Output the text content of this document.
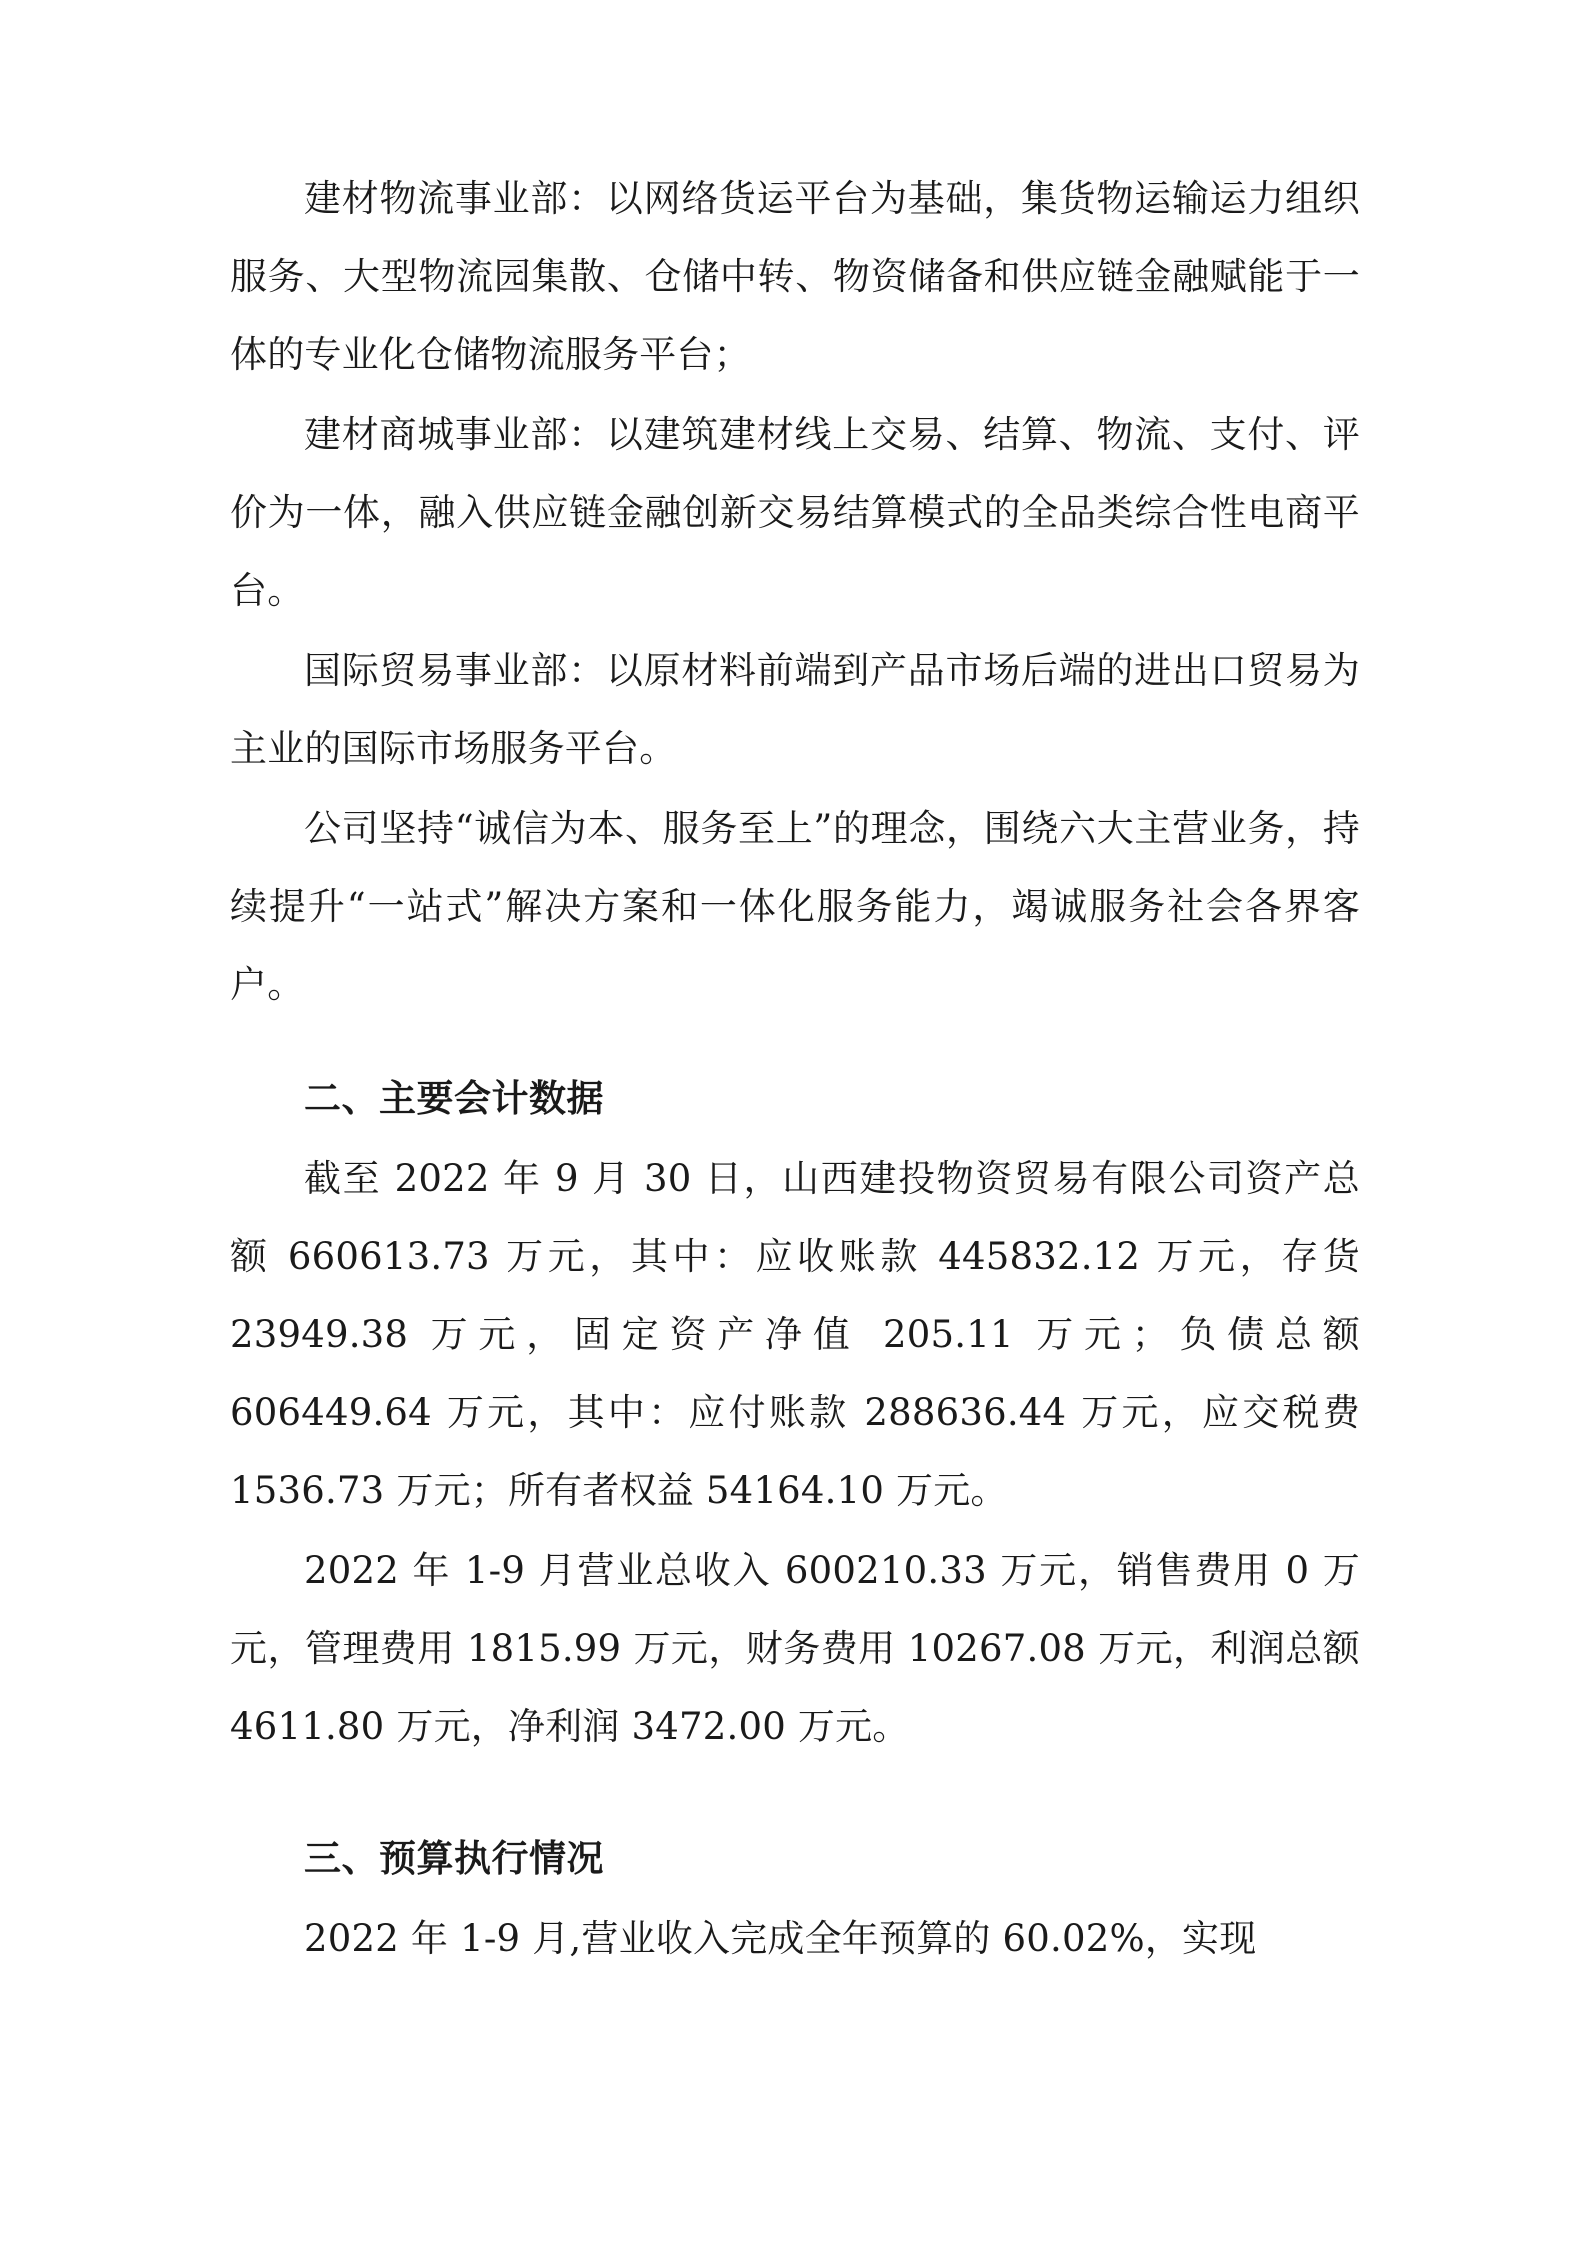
建材物流事业部：以网络货运平台为基础，集货物运输运力组织服务、大型物流园集散、仓储中转、物资储备和供应链金融赋能于一体的专业化仓储物流服务平台；

建材商城事业部：以建筑建材线上交易、结算、物流、支付、评价为一体，融入供应链金融创新交易结算模式的全品类综合性电商平台。

国际贸易事业部：以原材料前端到产品市场后端的进出口贸易为主业的国际市场服务平台。

公司坚持“诚信为本、服务至上”的理念，围绕六大主营业务，持续提升“一站式”解决方案和一体化服务能力，竭诚服务社会各界客户。

二、主要会计数据

截至 2022 年 9 月 30 日，山西建投物资贸易有限公司资产总额 660613.73 万元，其中：应收账款 445832.12 万元，存货 23949.38 万元，固定资产净值 205.11 万元；负债总额 606449.64 万元，其中：应付账款 288636.44 万元，应交税费 1536.73 万元；所有者权益 54164.10 万元。

2022 年 1-9 月营业总收入 600210.33 万元，销售费用 0 万元，管理费用 1815.99 万元，财务费用 10267.08 万元，利润总额 4611.80 万元，净利润 3472.00 万元。

三、预算执行情况

2022 年 1-9 月,营业收入完成全年预算的 60.02%，实现
